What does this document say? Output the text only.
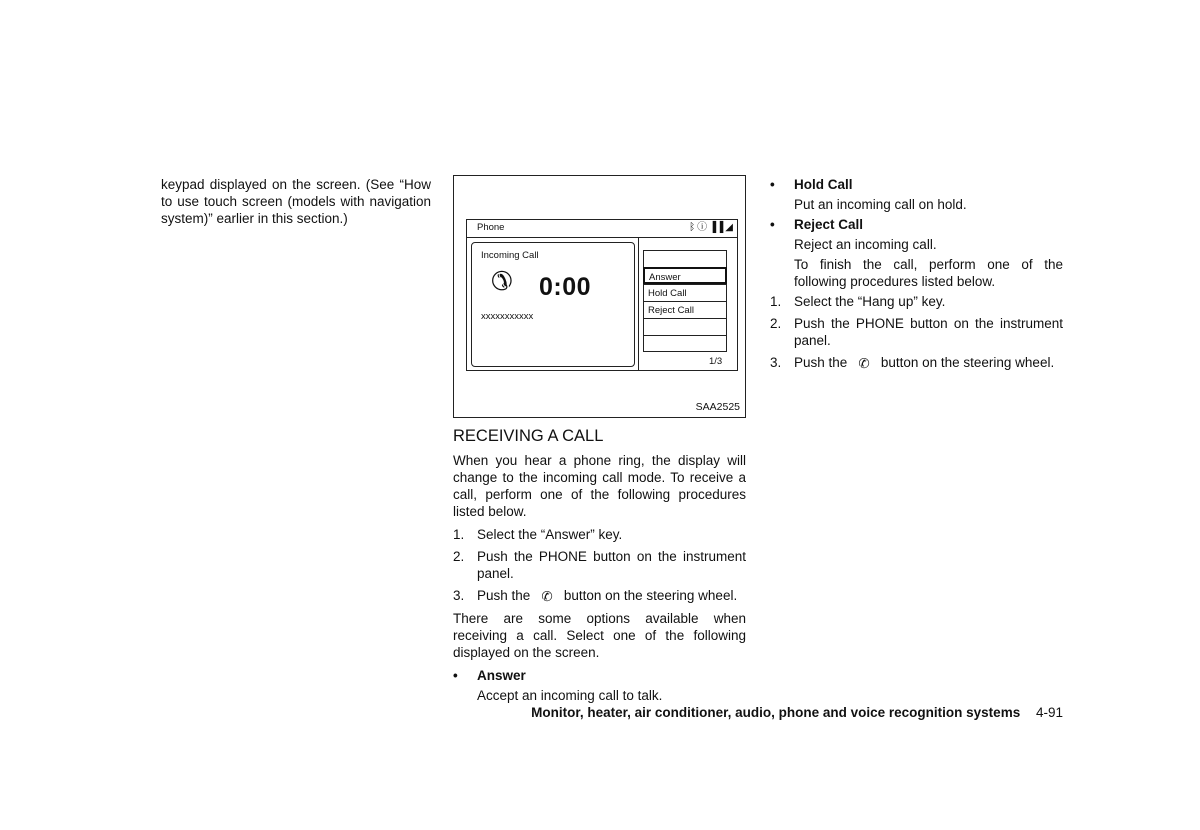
keypad displayed on the screen. (See “How to use touch screen (models with navigation system)” earlier in this section.)

Phone	ᛒ ⓘ ▐▐ ◢
Incoming Call
✆ 0:00
xxxxxxxxxxx
Answer
Hold Call
Reject Call
1/3
SAA2525
RECEIVING A CALL

When you hear a phone ring, the display will change to the incoming call mode. To receive a call, perform one of the following procedures listed below.

1. Select the “Answer” key.
2. Push the PHONE button on the instrument panel.
3. Push the ✆ button on the steering wheel.

There are some options available when receiving a call. Select one of the following displayed on the screen.

•	Answer

Accept an incoming call to talk.

•	Hold Call

Put an incoming call on hold.

•	Reject Call

Reject an incoming call.

To finish the call, perform one of the following procedures listed below.

1. Select the “Hang up” key.
2. Push the PHONE button on the instrument panel.
3. Push the ✆ button on the steering wheel.
Monitor, heater, air conditioner, audio, phone and voice recognition systems 4-91
